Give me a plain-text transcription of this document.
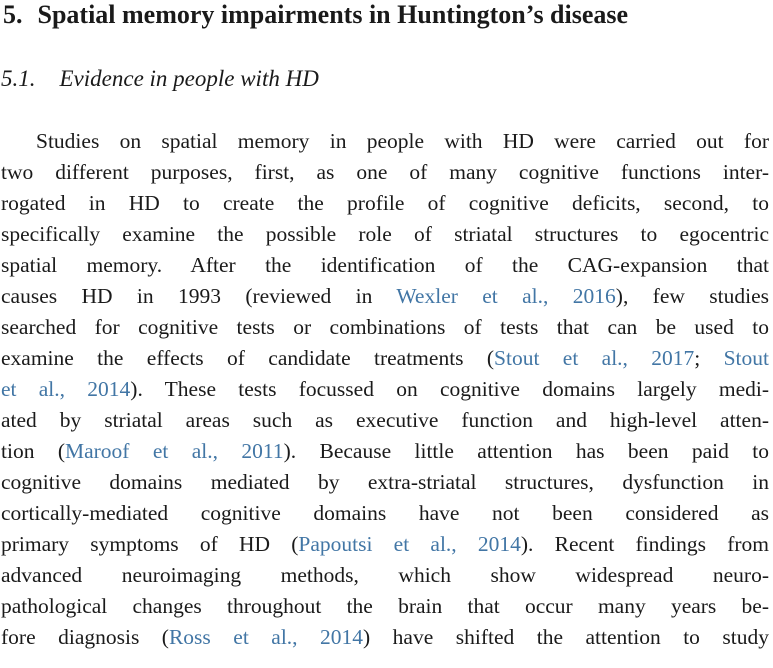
5. Spatial memory impairments in Huntington’s disease
5.1. Evidence in people with HD
Studies on spatial memory in people with HD were carried out for
two different purposes, first, as one of many cognitive functions inter-
rogated in HD to create the profile of cognitive deficits, second, to
specifically examine the possible role of striatal structures to egocentric
spatial memory. After the identification of the CAG-expansion that
causes HD in 1993 (reviewed in Wexler et al., 2016), few studies
searched for cognitive tests or combinations of tests that can be used to
examine the effects of candidate treatments (Stout et al., 2017; Stout
et al., 2014). These tests focussed on cognitive domains largely medi-
ated by striatal areas such as executive function and high-level atten-
tion (Maroof et al., 2011). Because little attention has been paid to
cognitive domains mediated by extra-striatal structures, dysfunction in
cortically-mediated cognitive domains have not been considered as
primary symptoms of HD (Papoutsi et al., 2014). Recent findings from
advanced neuroimaging methods, which show widespread neuro-
pathological changes throughout the brain that occur many years be-
fore diagnosis (Ross et al., 2014) have shifted the attention to study
